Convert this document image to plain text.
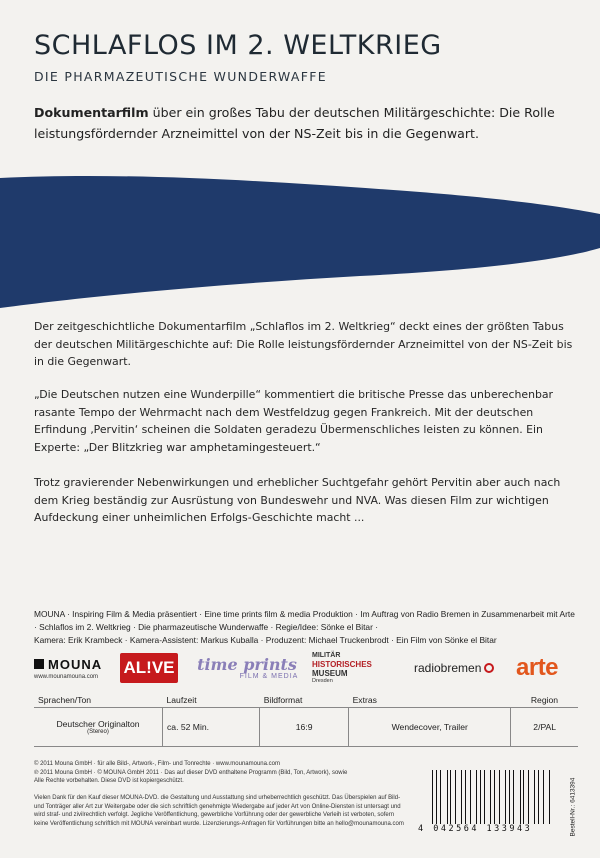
SCHLAFLOS IM 2. WELTKRIEG
DIE PHARMAZEUTISCHE WUNDERWAFFE
Dokumentarfilm über ein großes Tabu der deutschen Militärgeschichte: Die Rolle leistungsfördernder Arzneimittel von der NS-Zeit bis in die Gegenwart.
Der zeitgeschichtliche Dokumentarfilm „Schlaflos im 2. Weltkrieg“ deckt eines der größten Tabus der deutschen Militärgeschichte auf: Die Rolle leistungsfördernder Arzneimittel von der NS-Zeit bis in die Gegenwart.
„Die Deutschen nutzen eine Wunderpille“ kommentiert die britische Presse das unberechenbar rasante Tempo der Wehrmacht nach dem Westfeldzug gegen Frankreich. Mit der deutschen Erfindung ‚Pervitin‘ scheinen die Soldaten geradezu Übermenschliches leisten zu können. Ein Experte: „Der Blitzkrieg war amphetamingesteuert.“
Trotz gravierender Nebenwirkungen und erheblicher Suchtgefahr gehört Pervitin aber auch nach dem Krieg beständig zur Ausrüstung von Bundeswehr und NVA. Was diesen Film zur wichtigen Aufdeckung einer unheimlichen Erfolgs-Geschichte macht ...
MOUNA · Inspiring Film & Media präsentiert · Eine time prints film & media Produktion · Im Auftrag von Radio Bremen in Zusammenarbeit mit Arte · Schlaflos im 2. Weltkrieg · Die pharmazeutische Wunderwaffe · Regie/Idee: Sönke el Bitar ·
Kamera: Erik Krambeck · Kamera-Assistent: Markus Kuballa · Produzent: Michael Truckenbrodt · Ein Film von Sönke el Bitar
MOUNA
www.mounamouna.com AL!VE time prints
FILM & MEDIA
MILITÄR
HISTORISCHES
MUSEUM
Dresden
radiobremen arte
Sprachen/Ton	Laufzeit	Bildformat	Extras	Region
Deutscher Originalton
(Stereo)	ca. 52 Min.	16:9	Wendecover, Trailer	2/PAL
© 2011 Mouna GmbH · für alle Bild-, Artwork-, Film- und Tonrechte · www.mounamouna.com
℗ 2011 Mouna GmbH · © MOUNA GmbH 2011 · Das auf dieser DVD enthaltene Programm (Bild, Ton, Artwork), sowie
Alle Rechte vorbehalten. Diese DVD ist kopiergeschützt.
Vielen Dank für den Kauf dieser MOUNA-DVD. die Gestaltung und Ausstattung sind urheberrechtlich geschützt. Das Überspielen auf Bild- und Tonträger aller Art zur Weitergabe oder die sich schriftlich genehmigte Wiedergabe auf jeder Art von Online-Diensten ist untersagt und wird straf- und zivilrechtlich verfolgt. Jegliche Veröffentlichung, gewerbliche Vorführung oder der gewerbliche Verleih ist verboten, sofern keine Veröffentlichung schriftlich mit MOUNA vereinbart wurde. Lizenzierungs-Anfragen für Vorführungen bitte an hello@mounamouna.com
4 042564 133943	Bestell-Nr.: 6413394
